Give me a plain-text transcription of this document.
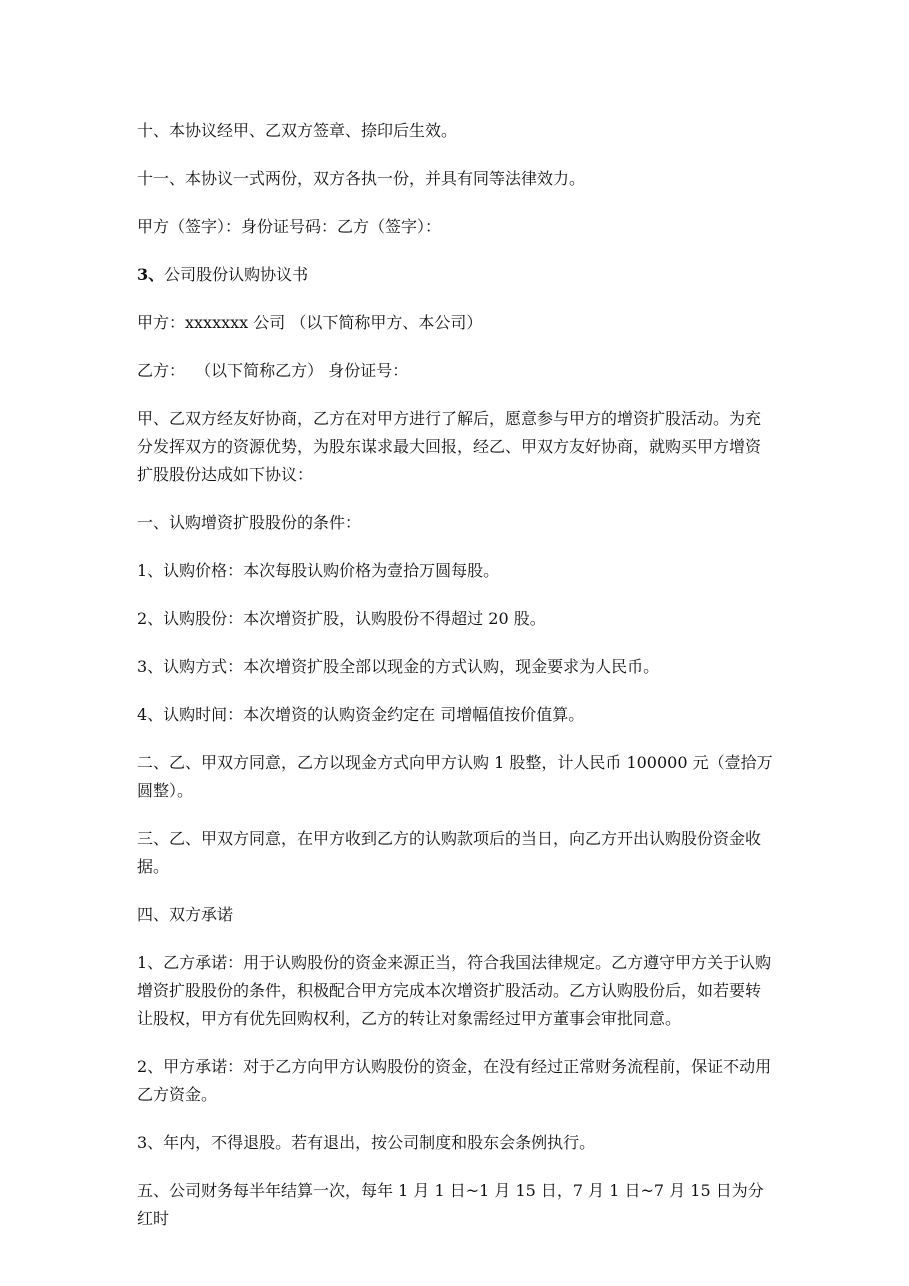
十、本协议经甲、乙双方签章、捺印后生效。

十一、本协议一式两份，双方各执一份，并具有同等法律效力。

甲方（签字）：身份证号码：乙方（签字）：

3、公司股份认购协议书

甲方：xxxxxxx 公司 （以下简称甲方、本公司）

乙方：  （以下简称乙方） 身份证号：

甲、乙双方经友好协商，乙方在对甲方进行了解后，愿意参与甲方的增资扩股活动。为充分发挥双方的资源优势，为股东谋求最大回报，经乙、甲双方友好协商，就购买甲方增资扩股股份达成如下协议：

一、认购增资扩股股份的条件：

1、认购价格：本次每股认购价格为壹拾万圆每股。

2、认购股份：本次增资扩股，认购股份不得超过 20 股。

3、认购方式：本次增资扩股全部以现金的方式认购，现金要求为人民币。

4、认购时间：本次增资的认购资金约定在 司增幅值按价值算。

二、乙、甲双方同意，乙方以现金方式向甲方认购 1 股整，计人民币 100000 元（壹拾万圆整）。

三、乙、甲双方同意，在甲方收到乙方的认购款项后的当日，向乙方开出认购股份资金收据。

四、双方承诺

1、乙方承诺：用于认购股份的资金来源正当，符合我国法律规定。乙方遵守甲方关于认购增资扩股股份的条件，积极配合甲方完成本次增资扩股活动。乙方认购股份后，如若要转让股权，甲方有优先回购权利，乙方的转让对象需经过甲方董事会审批同意。

2、甲方承诺：对于乙方向甲方认购股份的资金，在没有经过正常财务流程前，保证不动用乙方资金。

3、年内，不得退股。若有退出，按公司制度和股东会条例执行。

五、公司财务每半年结算一次，每年 1 月 1 日~1 月 15 日，7 月 1 日~7 月 15 日为分红时
